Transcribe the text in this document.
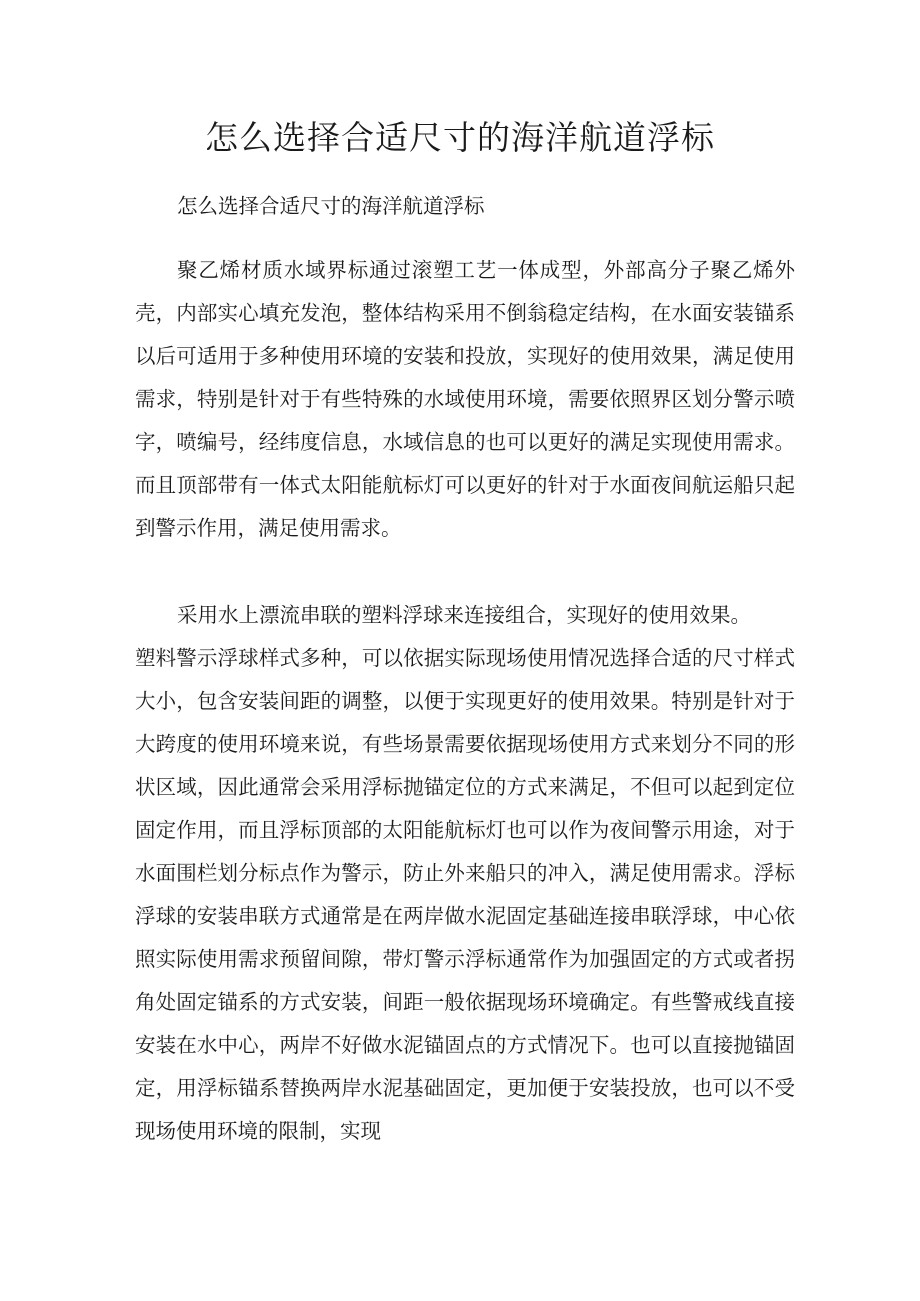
怎么选择合适尺寸的海洋航道浮标

怎么选择合适尺寸的海洋航道浮标

聚乙烯材质水域界标通过滚塑工艺一体成型，外部高分子聚乙烯外壳，内部实心填充发泡，整体结构采用不倒翁稳定结构，在水面安装锚系以后可适用于多种使用环境的安装和投放，实现好的使用效果，满足使用需求，特别是针对于有些特殊的水域使用环境，需要依照界区划分警示喷字，喷编号，经纬度信息，水域信息的也可以更好的满足实现使用需求。而且顶部带有一体式太阳能航标灯可以更好的针对于水面夜间航运船只起到警示作用，满足使用需求。

采用水上漂流串联的塑料浮球来连接组合，实现好的使用效果。

塑料警示浮球样式多种，可以依据实际现场使用情况选择合适的尺寸样式大小，包含安装间距的调整，以便于实现更好的使用效果。特别是针对于大跨度的使用环境来说，有些场景需要依据现场使用方式来划分不同的形状区域，因此通常会采用浮标抛锚定位的方式来满足，不但可以起到定位固定作用，而且浮标顶部的太阳能航标灯也可以作为夜间警示用途，对于水面围栏划分标点作为警示，防止外来船只的冲入，满足使用需求。浮标浮球的安装串联方式通常是在两岸做水泥固定基础连接串联浮球，中心依照实际使用需求预留间隙，带灯警示浮标通常作为加强固定的方式或者拐角处固定锚系的方式安装，间距一般依据现场环境确定。有些警戒线直接安装在水中心，两岸不好做水泥锚固点的方式情况下。也可以直接抛锚固定，用浮标锚系替换两岸水泥基础固定，更加便于安装投放，也可以不受现场使用环境的限制，实现
